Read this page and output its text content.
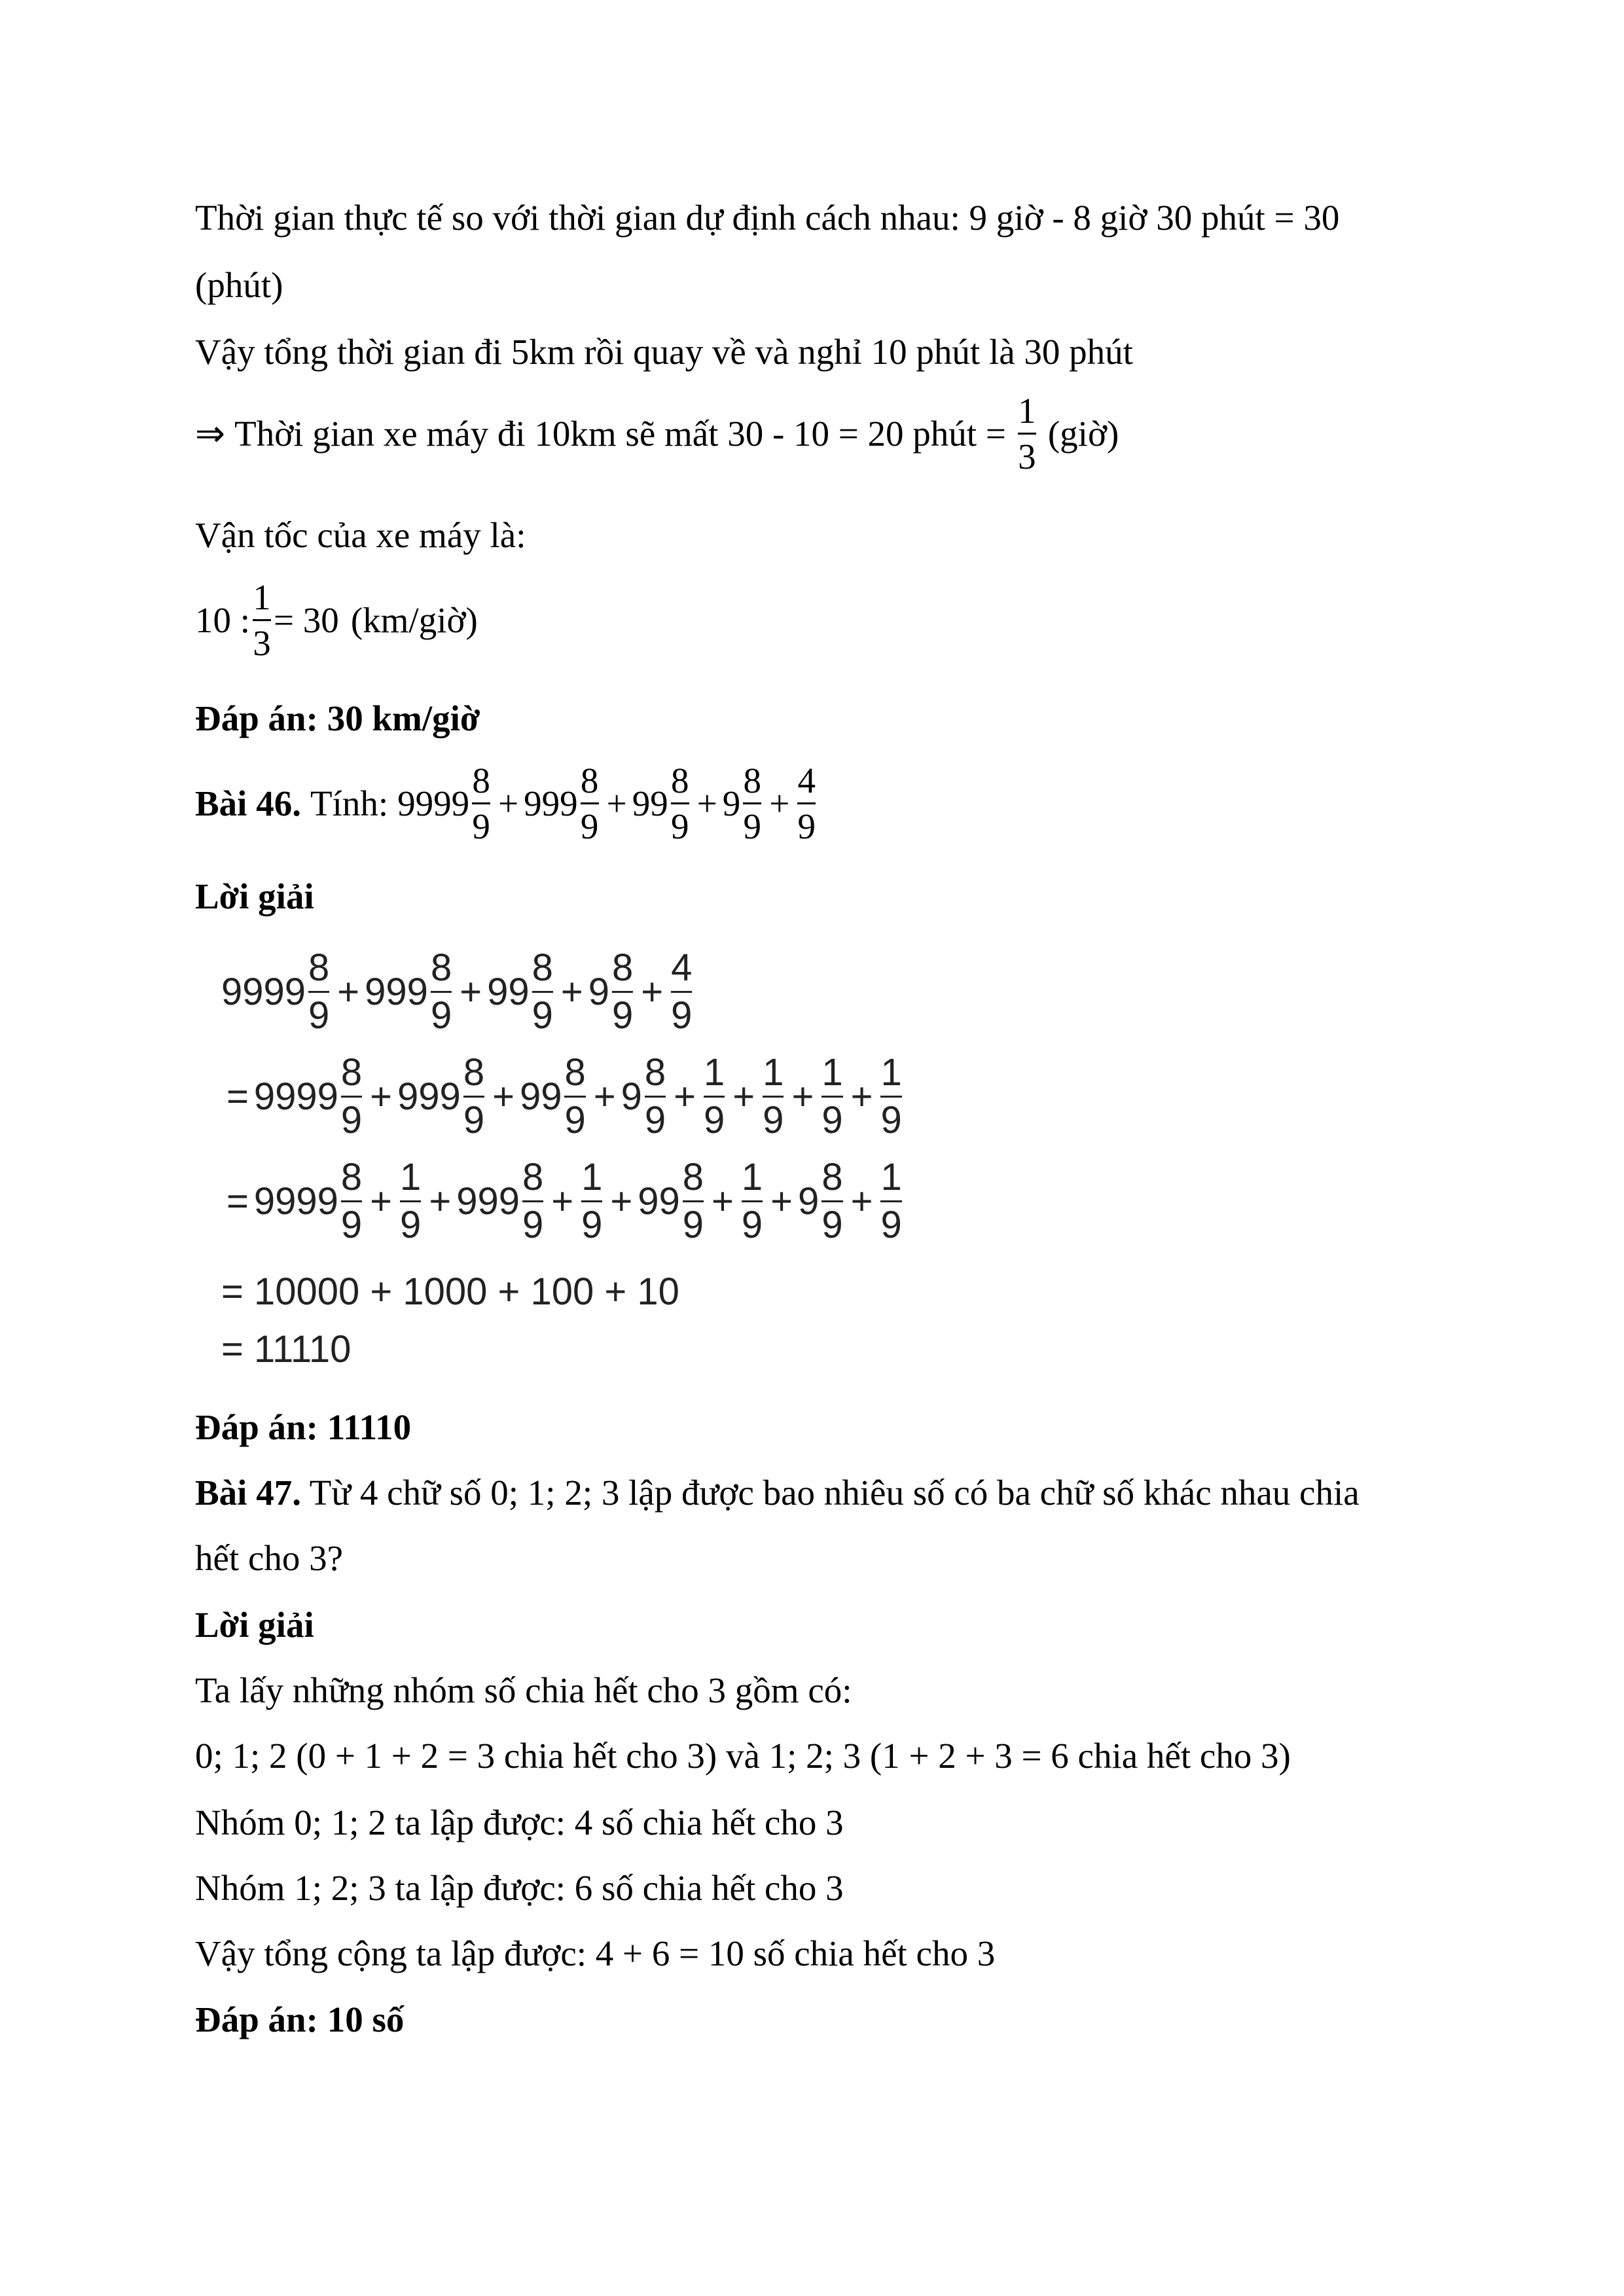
Thời gian thực tế so với thời gian dự định cách nhau: 9 giờ - 8 giờ 30 phút = 30
(phút)
Vậy tổng thời gian đi 5km rồi quay về và nghỉ 10 phút là 30 phút
⇒ Thời gian xe máy đi 10km sẽ mất 30 - 10 = 20 phút = $\frac{1}{3}$ (giờ)
Vận tốc của xe máy là:
10 : $\frac{1}{3} = 30$ (km/giờ)
Đáp án: 30 km/giờ
Bài 46. Tính: $9999 \frac{8}{9} + 999 \frac{8}{9} + 99 \frac{8}{9} + 9 \frac{8}{9} + \frac{4}{9}$
Lời giải
$9999 \frac{8}{9} + 999 \frac{8}{9} + 99 \frac{8}{9} + 9 \frac{8}{9} + \frac{4}{9}$
= $9999 \frac{8}{9} + 999 \frac{8}{9} + 99 \frac{8}{9} + 9 \frac{8}{9} + \frac{1}{9} + \frac{1}{9} + \frac{1}{9} + \frac{1}{9}$
= $9999 \frac{8}{9} + \frac{1}{9} + 999 \frac{8}{9} + \frac{1}{9} + 99 \frac{8}{9} + \frac{1}{9} + 9 \frac{8}{9} + \frac{1}{9}$
= 10000 + 1000 + 100 + 10
= 11110
Đáp án: 11110
Bài 47. Từ 4 chữ số 0; 1; 2; 3 lập được bao nhiêu số có ba chữ số khác nhau chia
hết cho 3?
Lời giải
Ta lấy những nhóm số chia hết cho 3 gồm có:
0; 1; 2 (0 + 1 + 2 = 3 chia hết cho 3) và 1; 2; 3 (1 + 2 + 3 = 6 chia hết cho 3)
Nhóm 0; 1; 2 ta lập được: 4 số chia hết cho 3
Nhóm 1; 2; 3 ta lập được: 6 số chia hết cho 3
Vậy tổng cộng ta lập được: 4 + 6 = 10 số chia hết cho 3
Đáp án: 10 số
